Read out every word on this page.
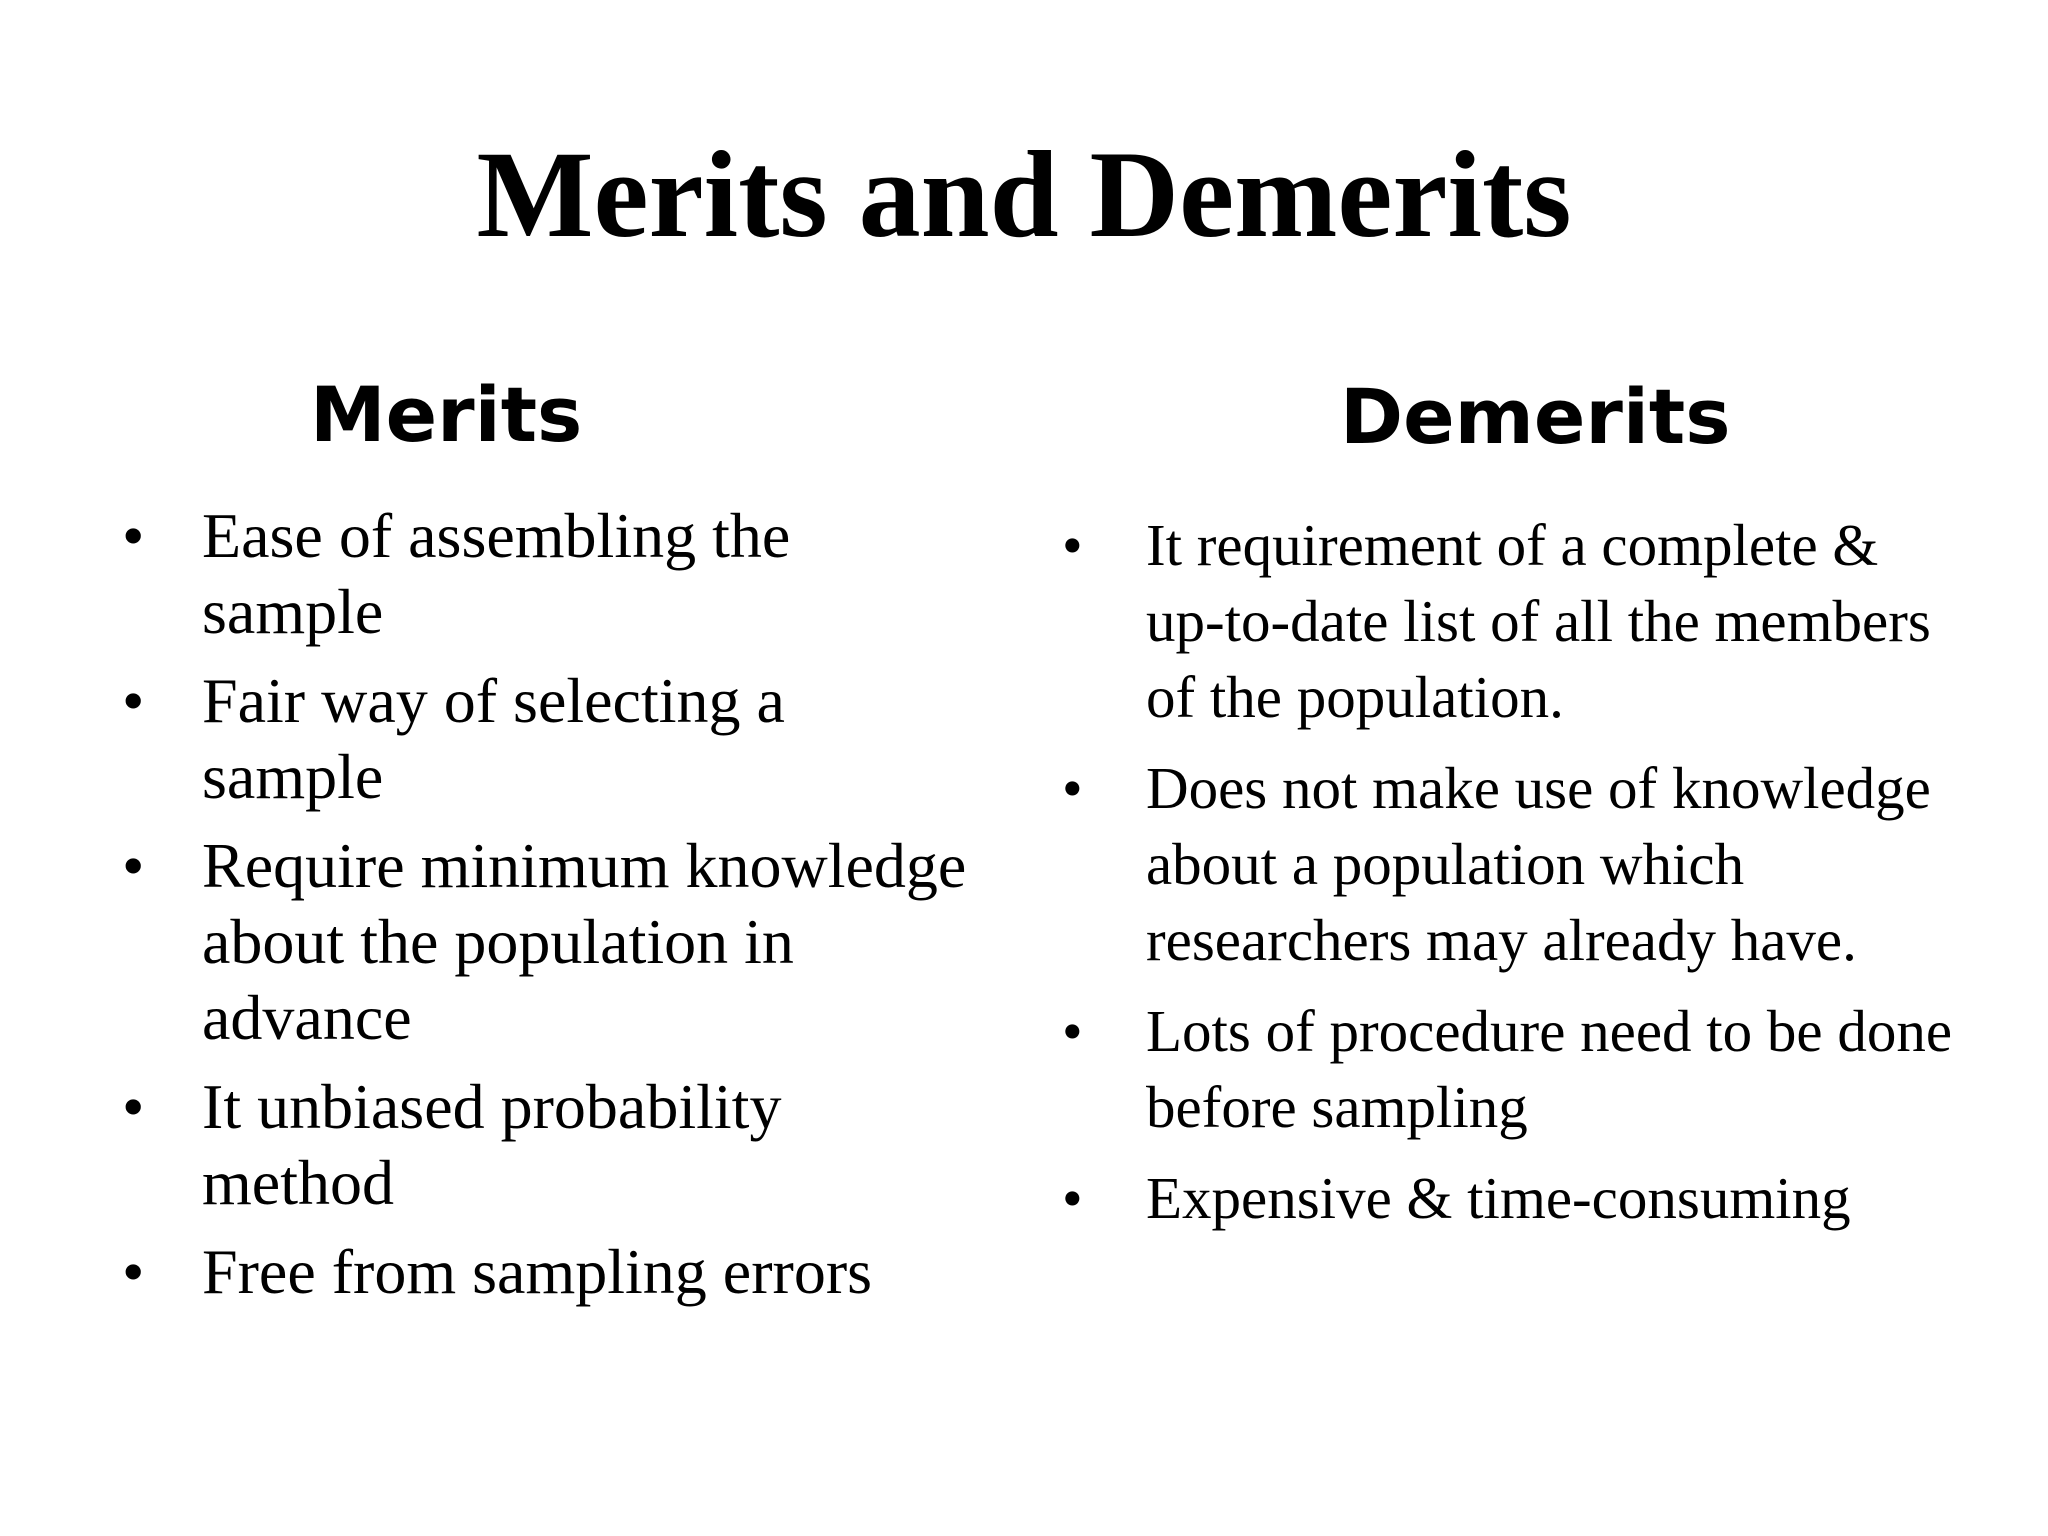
Merits and Demerits
Merits	Demerits
• Ease of assembling the sample
• Fair way of selecting a sample
• Require minimum knowledge about the population in advance
• It unbiased probability method
• Free from sampling errors
•	It requirement of a complete & up-to-date list of all the members of the population.
•	Does not make use of knowledge about a population which researchers may already have.
•	Lots of procedure need to be done before sampling
•	Expensive & time-consuming
